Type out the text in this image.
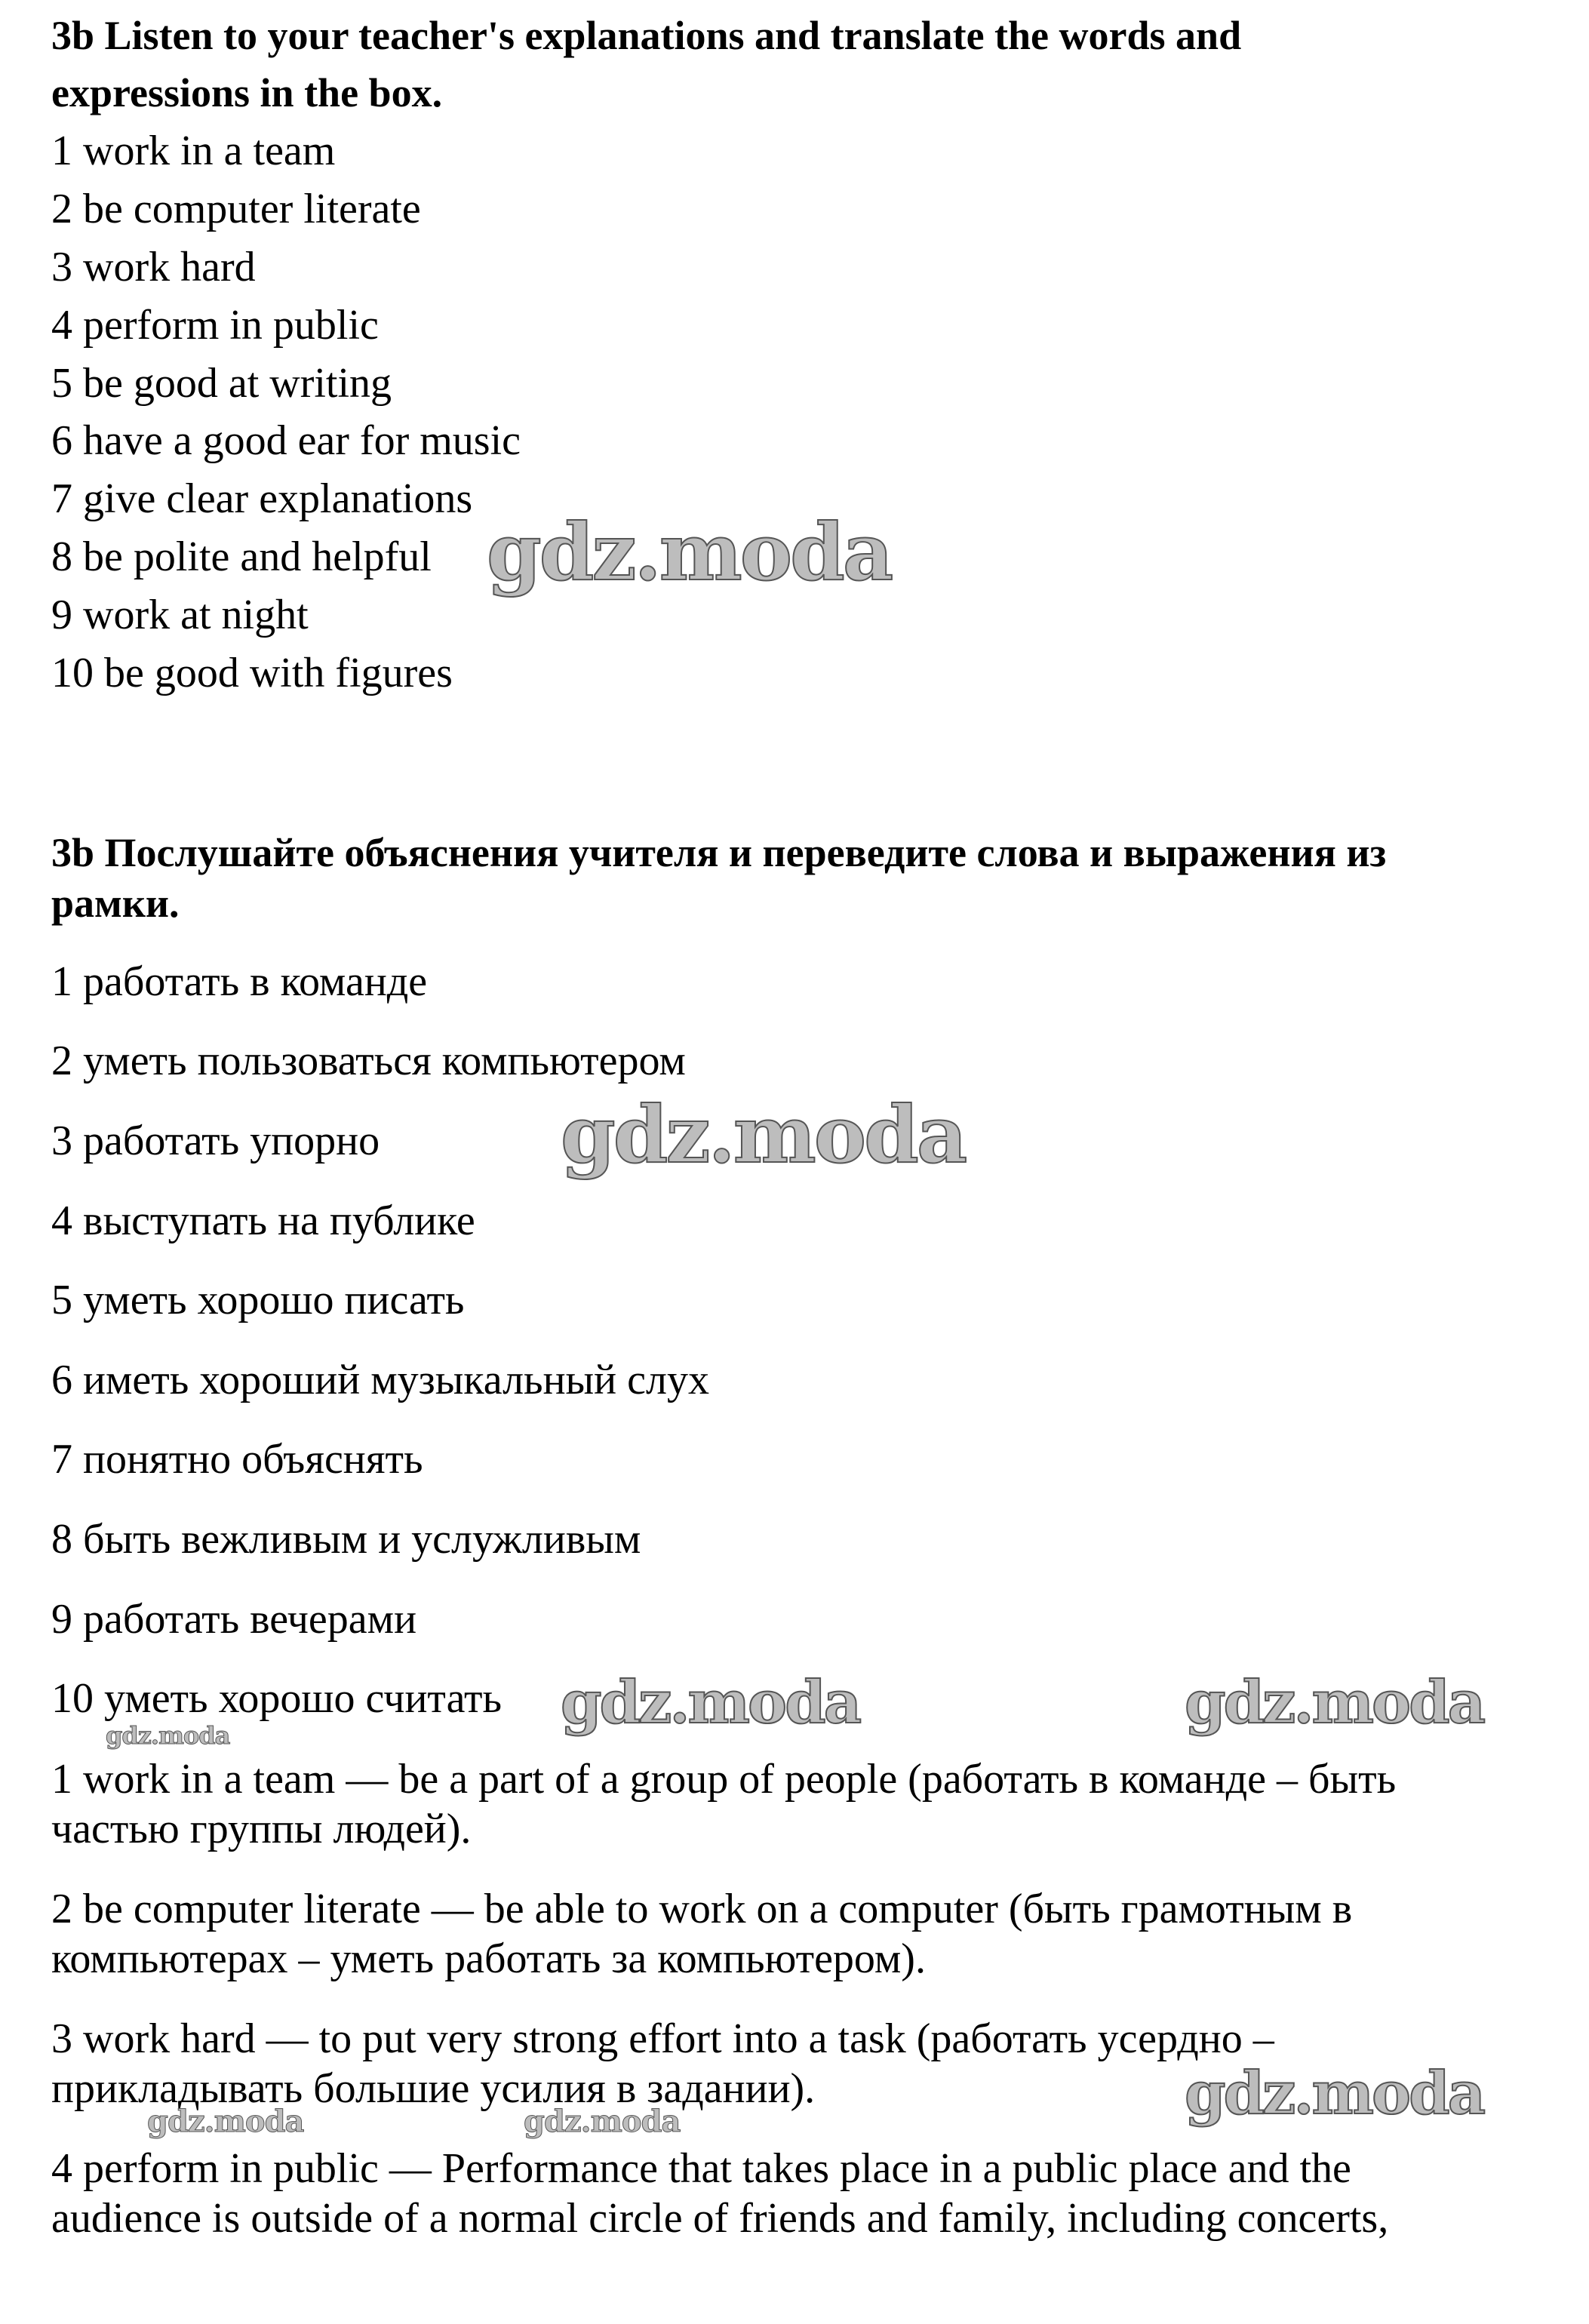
3b Listen to your teacher's explanations and translate the words and
expressions in the box.
1 work in a team
2 be computer literate
3 work hard
4 perform in public
5 be good at writing
6 have a good ear for music
7 give clear explanations
8 be polite and helpful
9 work at night
10 be good with figures
3b Послушайте объяснения учителя и переведите слова и выражения из
рамки.
1 работать в команде
2 уметь пользоваться компьютером
3 работать упорно
4 выступать на публике
5 уметь хорошо писать
6 иметь хороший музыкальный слух
7 понятно объяснять
8 быть вежливым и услужливым
9 работать вечерами
10 уметь хорошо считать
1 work in a team — be a part of a group of people (работать в команде – быть
частью группы людей).
2 be computer literate — be able to work on a computer (быть грамотным в
компьютерах – уметь работать за компьютером).
3 work hard — to put very strong effort into a task (работать усердно –
прикладывать большие усилия в задании).
4 perform in public — Performance that takes place in a public place and the
audience is outside of a normal circle of friends and family, including concerts,
gdz.moda
gdz.moda
gdz.moda	gdz.moda
gdz.moda
gdz.moda
gdz.moda	gdz.moda
